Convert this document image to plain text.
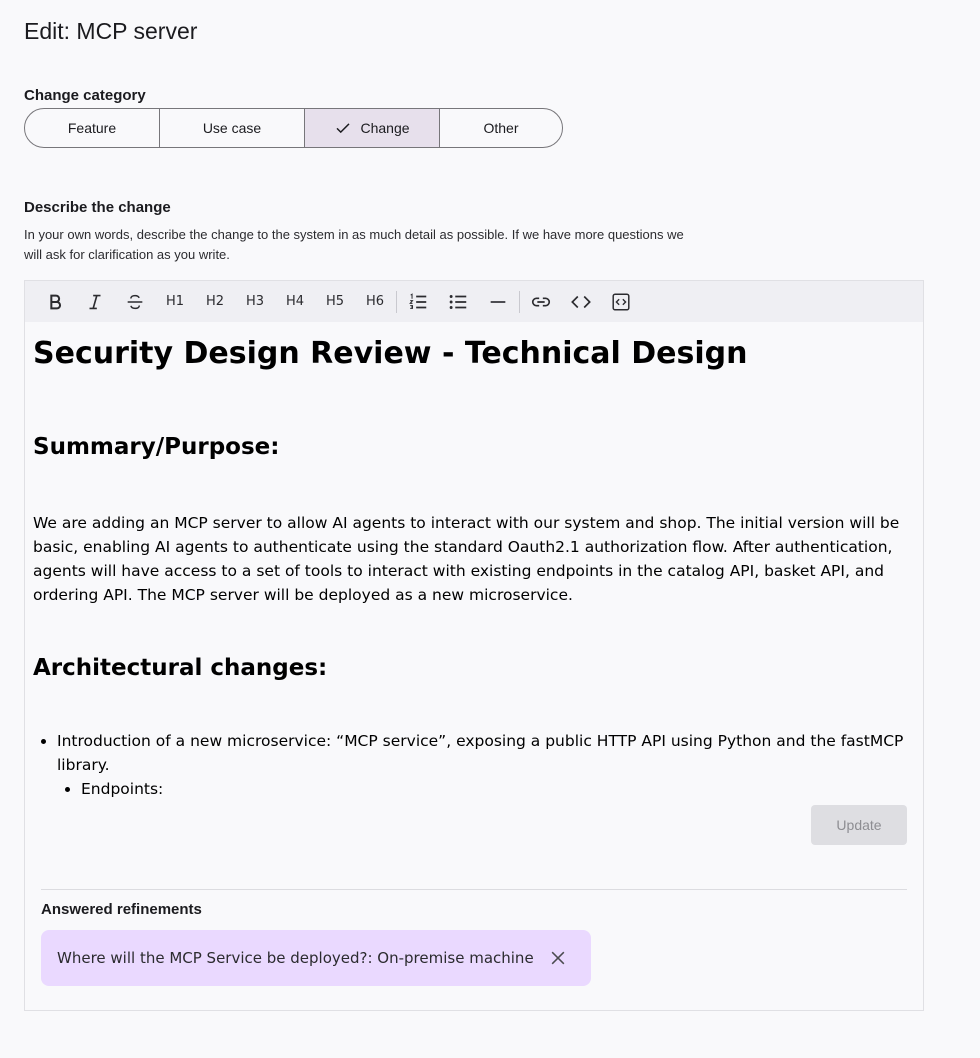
Edit: MCP server
Change category
Feature	Use case	Change	Other
Describe the change
In your own words, describe the change to the system in as much detail as possible. If we have more questions we will ask for clarification as you write.
H1	H2	H3	H4	H5	H6
Security Design Review - Technical Design
Summary/Purpose:

We are adding an MCP server to allow AI agents to interact with our system and shop. The initial version will be basic, enabling AI agents to authenticate using the standard Oauth2.1 authorization flow. After authentication, agents will have access to a set of tools to interact with existing endpoints in the catalog API, basket API, and ordering API. The MCP server will be deployed as a new microservice.

Architectural changes:
• Introduction of a new microservice: “MCP service”, exposing a public HTTP API using Python and the fastMCP library.
• Endpoints:
Update
Answered refinements
Where will the MCP Service be deployed?: On-premise machine
